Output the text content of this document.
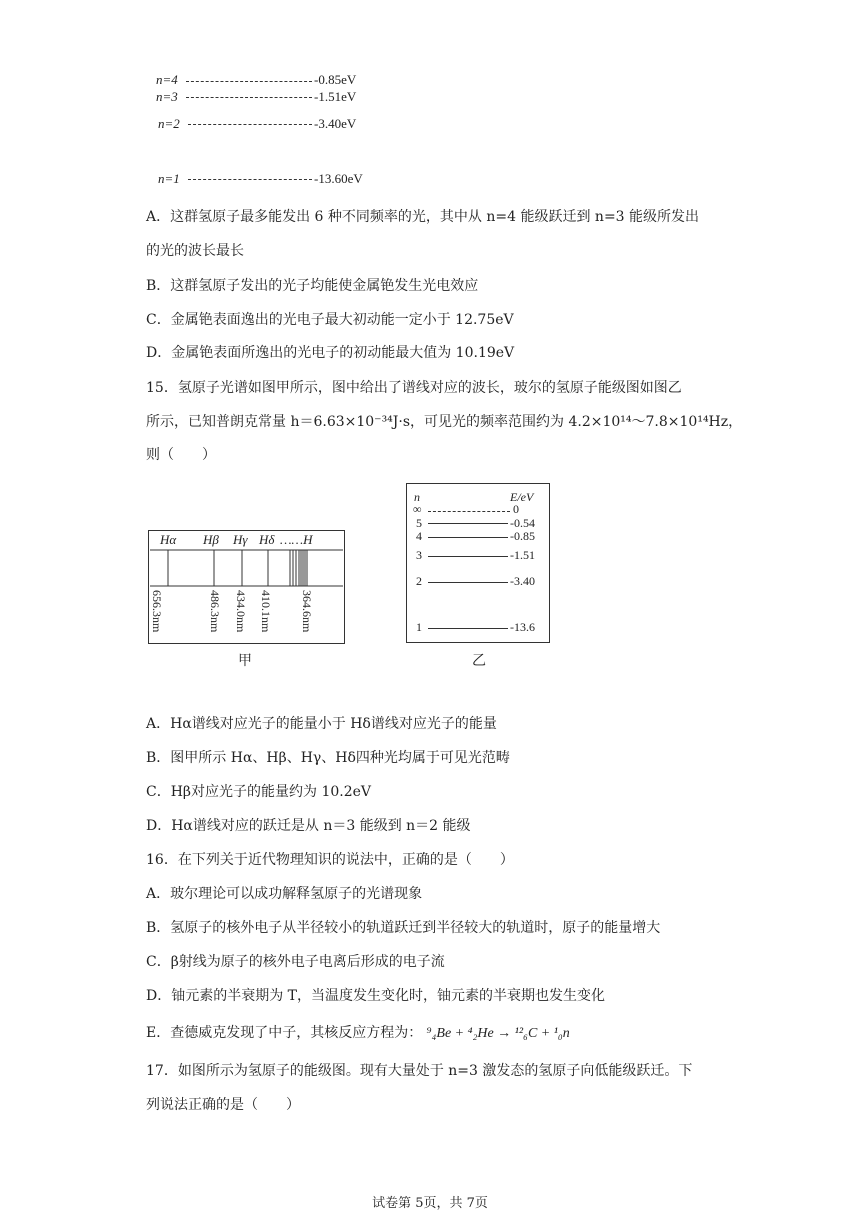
n=4	-0.85eV
n=3	-1.51eV
n=2	-3.40eV
n=1	-13.60eV
A．这群氢原子最多能发出 6 种不同频率的光，其中从 n=4 能级跃迁到 n=3 能级所发出
的光的波长最长
B．这群氢原子发出的光子均能使金属铯发生光电效应
C．金属铯表面逸出的光电子最大初动能一定小于 12.75eV
D．金属铯表面所逸出的光电子的初动能最大值为 10.19eV
15．氢原子光谱如图甲所示，图中给出了谱线对应的波长，玻尔的氢原子能级图如图乙
所示，已知普朗克常量 h＝6.63×10⁻³⁴J·s，可见光的频率范围约为 4.2×10¹⁴～7.8×10¹⁴Hz，
则（　　）
Hα Hβ Hγ Hδ ……H
656.3nm	486.3nm 434.0nm 410.1nm 364.6nm
甲
n	E/eV
∞	0
5	-0.54
4	-0.85
3	-1.51
2	-3.40
1	-13.6
乙
A．Hα谱线对应光子的能量小于 Hδ谱线对应光子的能量
B．图甲所示 Hα、Hβ、Hγ、Hδ四种光均属于可见光范畴
C．Hβ对应光子的能量约为 10.2eV
D．Hα谱线对应的跃迁是从 n＝3 能级到 n＝2 能级
16．在下列关于近代物理知识的说法中，正确的是（　　）
A．玻尔理论可以成功解释氢原子的光谱现象
B．氢原子的核外电子从半径较小的轨道跃迁到半径较大的轨道时，原子的能量增大
C．β射线为原子的核外电子电离后形成的电子流
D．铀元素的半衰期为 T，当温度发生变化时，铀元素的半衰期也发生变化
E．查德威克发现了中子，其核反应方程为： ⁹₄Be + ⁴₂He → ¹²₆C + ¹₀n
17．如图所示为氢原子的能级图。现有大量处于 n=3 激发态的氢原子向低能级跃迁。下
列说法正确的是（　　）
试卷第 5页，共 7页
